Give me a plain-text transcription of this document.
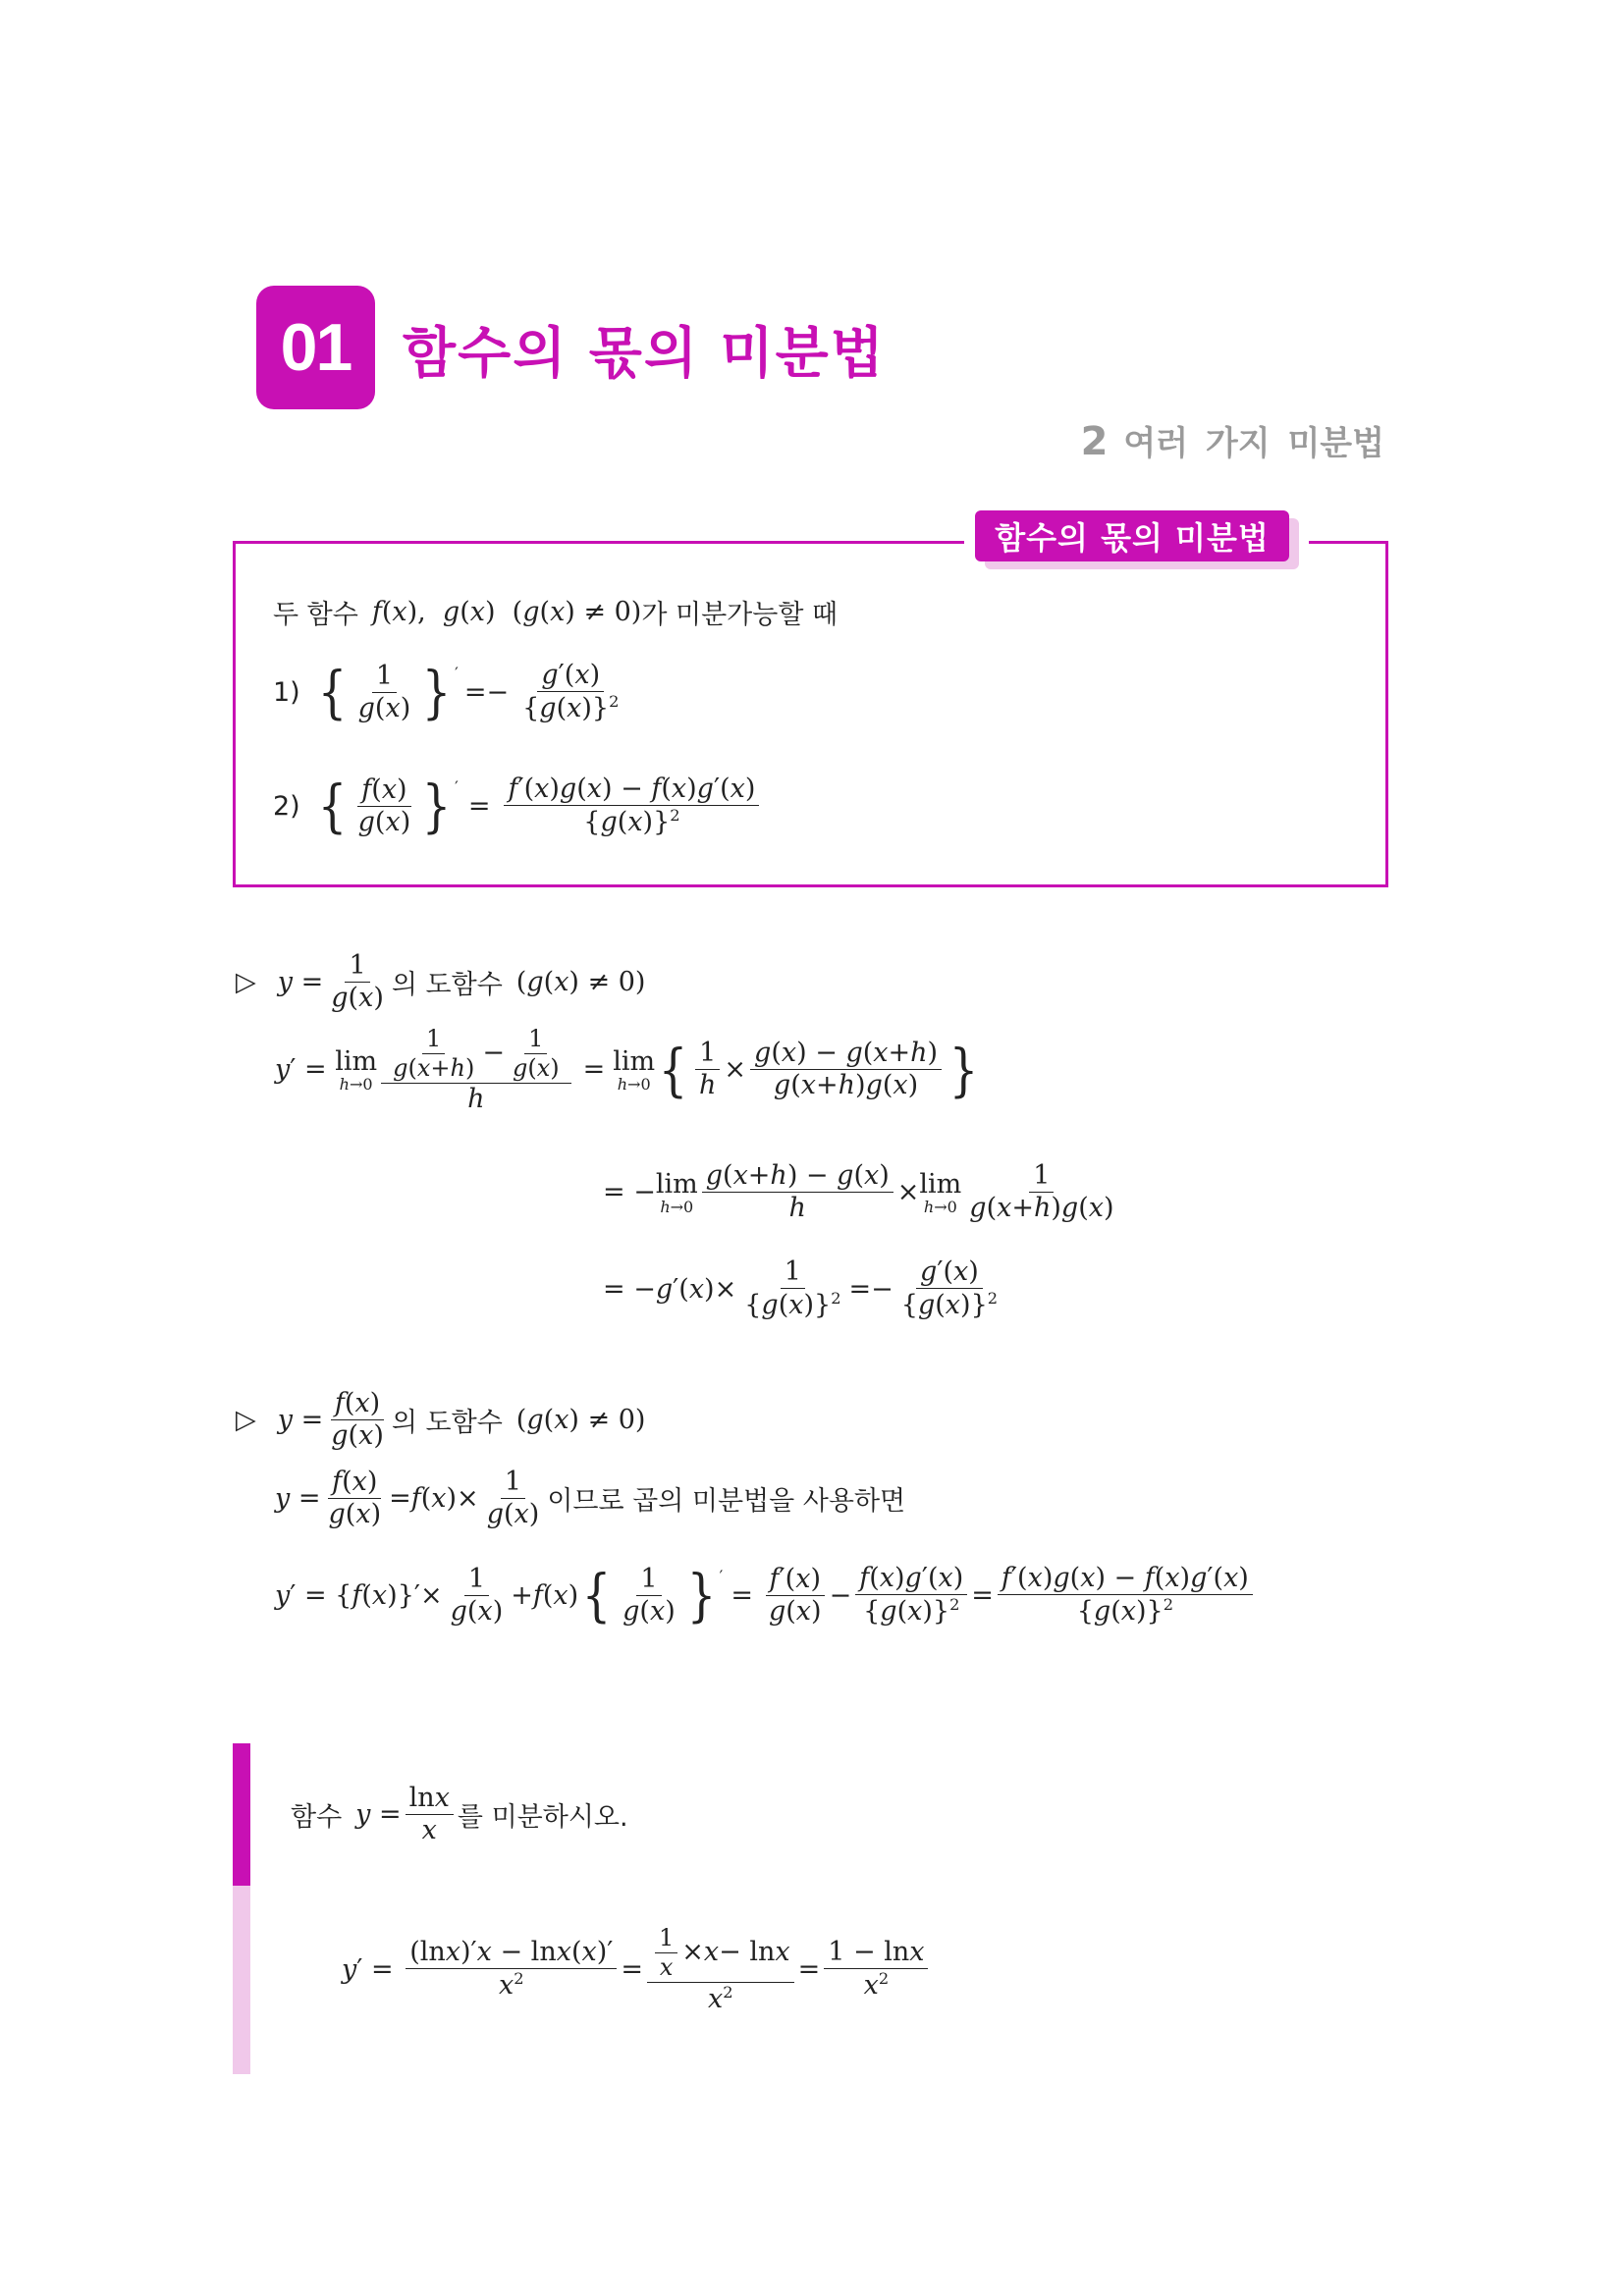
01 함수의 몫의 미분법
2 여러 가지 미분법
함수의 몫의 미분법
두 함수 f(x),  g(x)  (g(x) ≠ 0) 가 미분가능할 때
1) { $\frac{1}{g(x)} \}'$
=− $\frac{g'(x)}{\{g(x)\}^2}$
2) { $\frac{f(x)}{g(x)} \}'$
= $\frac{f'(x)g(x) - f(x)g'(x)}{\{g(x)\}^2}$
▷ $y = \frac{1}{g(x)}$ 의 도함수 (g(x) ≠ 0)
y ′ = lim
$h\to 0 \frac{\frac{1}{g(x+h)} - \frac{1}{g(x)}}{h} = \lim$
h→0 { $\frac{1}{h} \times \frac{g(x) - g(x+h)}{g(x+h)g(x)}$ }
= − lim
$h\to 0 \frac{g(x+h) - g(x)}{h} \times \lim$
$h\to 0 \frac{1}{g(x+h)g(x)}$
= − g ′( x )× $\frac{1}{\{g(x)\}^2} =- \frac{g'(x)}{\{g(x)\}^2}$
▷ $y = \frac{f(x)}{g(x)}$ 의 도함수 (g(x) ≠ 0)
$y = \frac{f(x)}{g(x)} = f$ ( x )× $\frac{1}{g(x)}$ 이므로 곱의 미분법을 사용하면
y ′ = { f ( x )}′× $\frac{1}{g(x)} + f$ ( x ) { $\frac{1}{g(x)} \}'$
= $\frac{f'(x)}{g(x)} - \frac{f(x)g'(x)}{\{g(x)\}^2} = \frac{f'(x)g(x) - f(x)g'(x)}{\{g(x)\}^2}$
함수 $y = \frac{\ln x}{x}$ 를 미분하시오.
y ′ = $\frac{(\ln x)'x - \ln x(x)'}{x^2} = \frac{\frac{1}{x} \times x - \ln x}{x^2} = \frac{1 - \ln x}{x^2}$
